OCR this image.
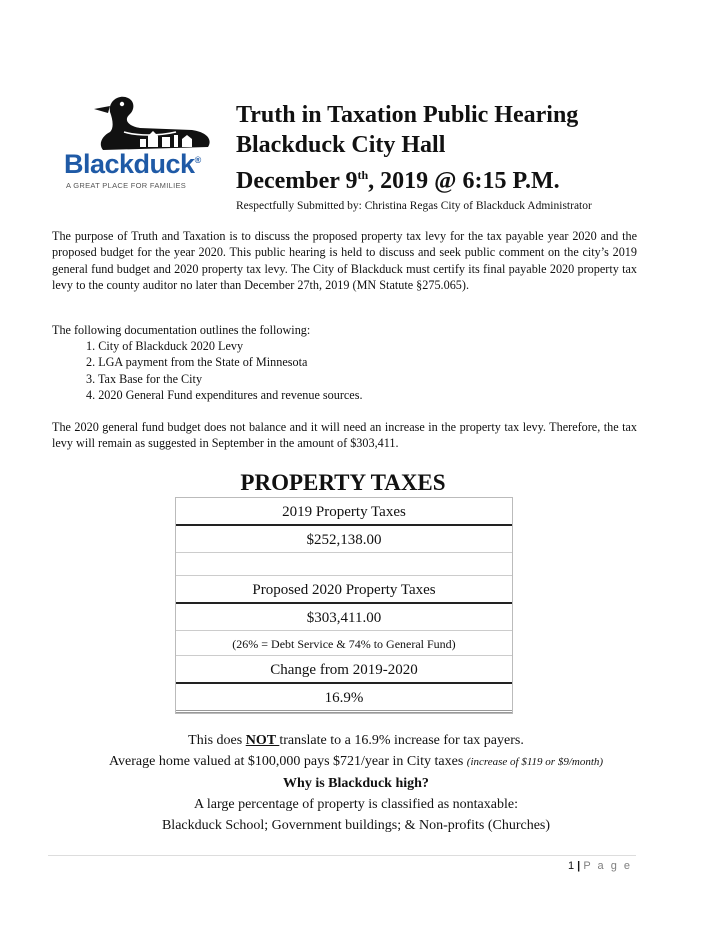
Blackduck®
A GREAT PLACE FOR FAMILIES
Truth in Taxation Public Hearing
Blackduck City Hall
December 9th, 2019 @ 6:15 P.M.
Respectfully Submitted by: Christina Regas City of Blackduck Administrator
The purpose of Truth and Taxation is to discuss the proposed property tax levy for the tax payable year 2020 and the proposed budget for the year 2020. This public hearing is held to discuss and seek public comment on the city’s 2019 general fund budget and 2020 property tax levy. The City of Blackduck must certify its final payable 2020 property tax levy to the county auditor no later than December 27th, 2019 (MN Statute §275.065).
The following documentation outlines the following:
1. City of Blackduck 2020 Levy
2. LGA payment from the State of Minnesota
3. Tax Base for the City
4. 2020 General Fund expenditures and revenue sources.
The 2020 general fund budget does not balance and it will need an increase in the property tax levy. Therefore, the tax levy will remain as suggested in September in the amount of $303,411.
PROPERTY TAXES
2019 Property Taxes
$252,138.00
Proposed 2020 Property Taxes
$303,411.00
(26% = Debt Service & 74% to General Fund)
Change from 2019-2020
16.9%
This does NOT translate to a 16.9% increase for tax payers.
Average home valued at $100,000 pays $721/year in City taxes (increase of $119 or $9/month)
Why is Blackduck high?
A large percentage of property is classified as nontaxable:
Blackduck School; Government buildings; & Non-profits (Churches)
1 | P a g e
